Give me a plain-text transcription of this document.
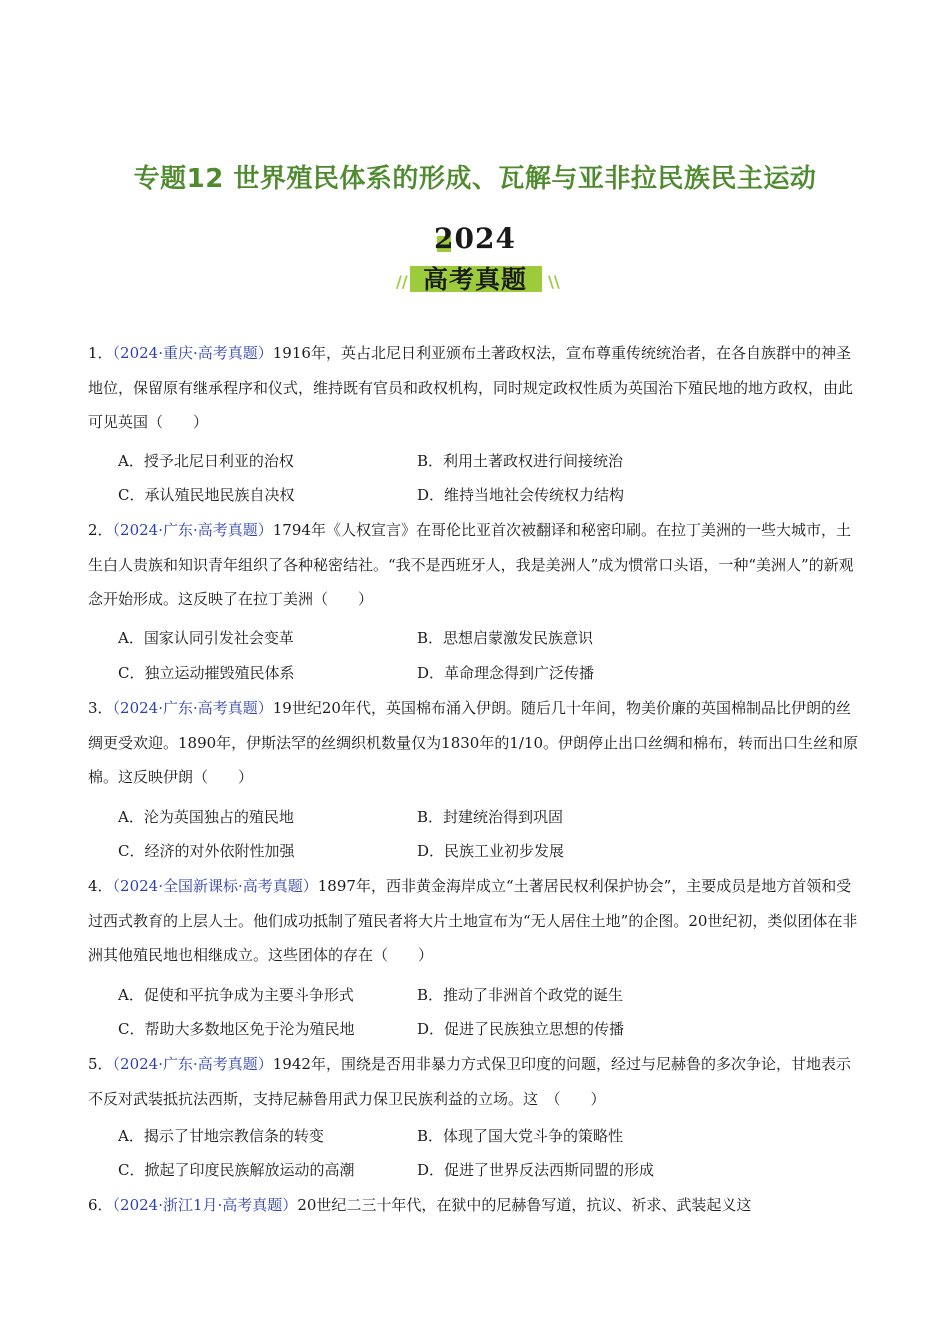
专题12 世界殖民体系的形成、瓦解与亚非拉民族民主运动
2024
// 高考真题	\\
1．（2024·重庆·高考真题）1916年，英占北尼日利亚颁布土著政权法，宣布尊重传统统治者，在各自族群中的神圣地位，保留原有继承程序和仪式，维持既有官员和政权机构，同时规定政权性质为英国治下殖民地的地方政权，由此可见英国（　　）
A．授予北尼日利亚的治权	B．利用土著政权进行间接统治
C．承认殖民地民族自决权	D．维持当地社会传统权力结构
2．（2024·广东·高考真题）1794年《人权宣言》在哥伦比亚首次被翻译和秘密印刷。在拉丁美洲的一些大城市，土生白人贵族和知识青年组织了各种秘密结社。“我不是西班牙人，我是美洲人”成为惯常口头语，一种“美洲人”的新观念开始形成。这反映了在拉丁美洲（　　）
A．国家认同引发社会变革	B．思想启蒙激发民族意识
C．独立运动摧毁殖民体系	D．革命理念得到广泛传播
3．（2024·广东·高考真题）19世纪20年代，英国棉布涌入伊朗。随后几十年间，物美价廉的英国棉制品比伊朗的丝绸更受欢迎。1890年，伊斯法罕的丝绸织机数量仅为1830年的1/10。伊朗停止出口丝绸和棉布，转而出口生丝和原棉。这反映伊朗（　　）
A．沦为英国独占的殖民地	B．封建统治得到巩固
C．经济的对外依附性加强	D．民族工业初步发展
4．（2024·全国新课标·高考真题）1897年，西非黄金海岸成立“土著居民权利保护协会”，主要成员是地方首领和受过西式教育的上层人士。他们成功抵制了殖民者将大片土地宣布为“无人居住土地”的企图。20世纪初，类似团体在非洲其他殖民地也相继成立。这些团体的存在（　　）
A．促使和平抗争成为主要斗争形式	B．推动了非洲首个政党的诞生
C．帮助大多数地区免于沦为殖民地	D．促进了民族独立思想的传播
5．（2024·广东·高考真题）1942年，围绕是否用非暴力方式保卫印度的问题，经过与尼赫鲁的多次争论，甘地表示不反对武装抵抗法西斯，支持尼赫鲁用武力保卫民族利益的立场。这　（　　）
A．揭示了甘地宗教信条的转变	B．体现了国大党斗争的策略性
C．掀起了印度民族解放运动的高潮	D．促进了世界反法西斯同盟的形成
6．（2024·浙江1月·高考真题）20世纪二三十年代，在狱中的尼赫鲁写道，抗议、祈求、武装起义这
